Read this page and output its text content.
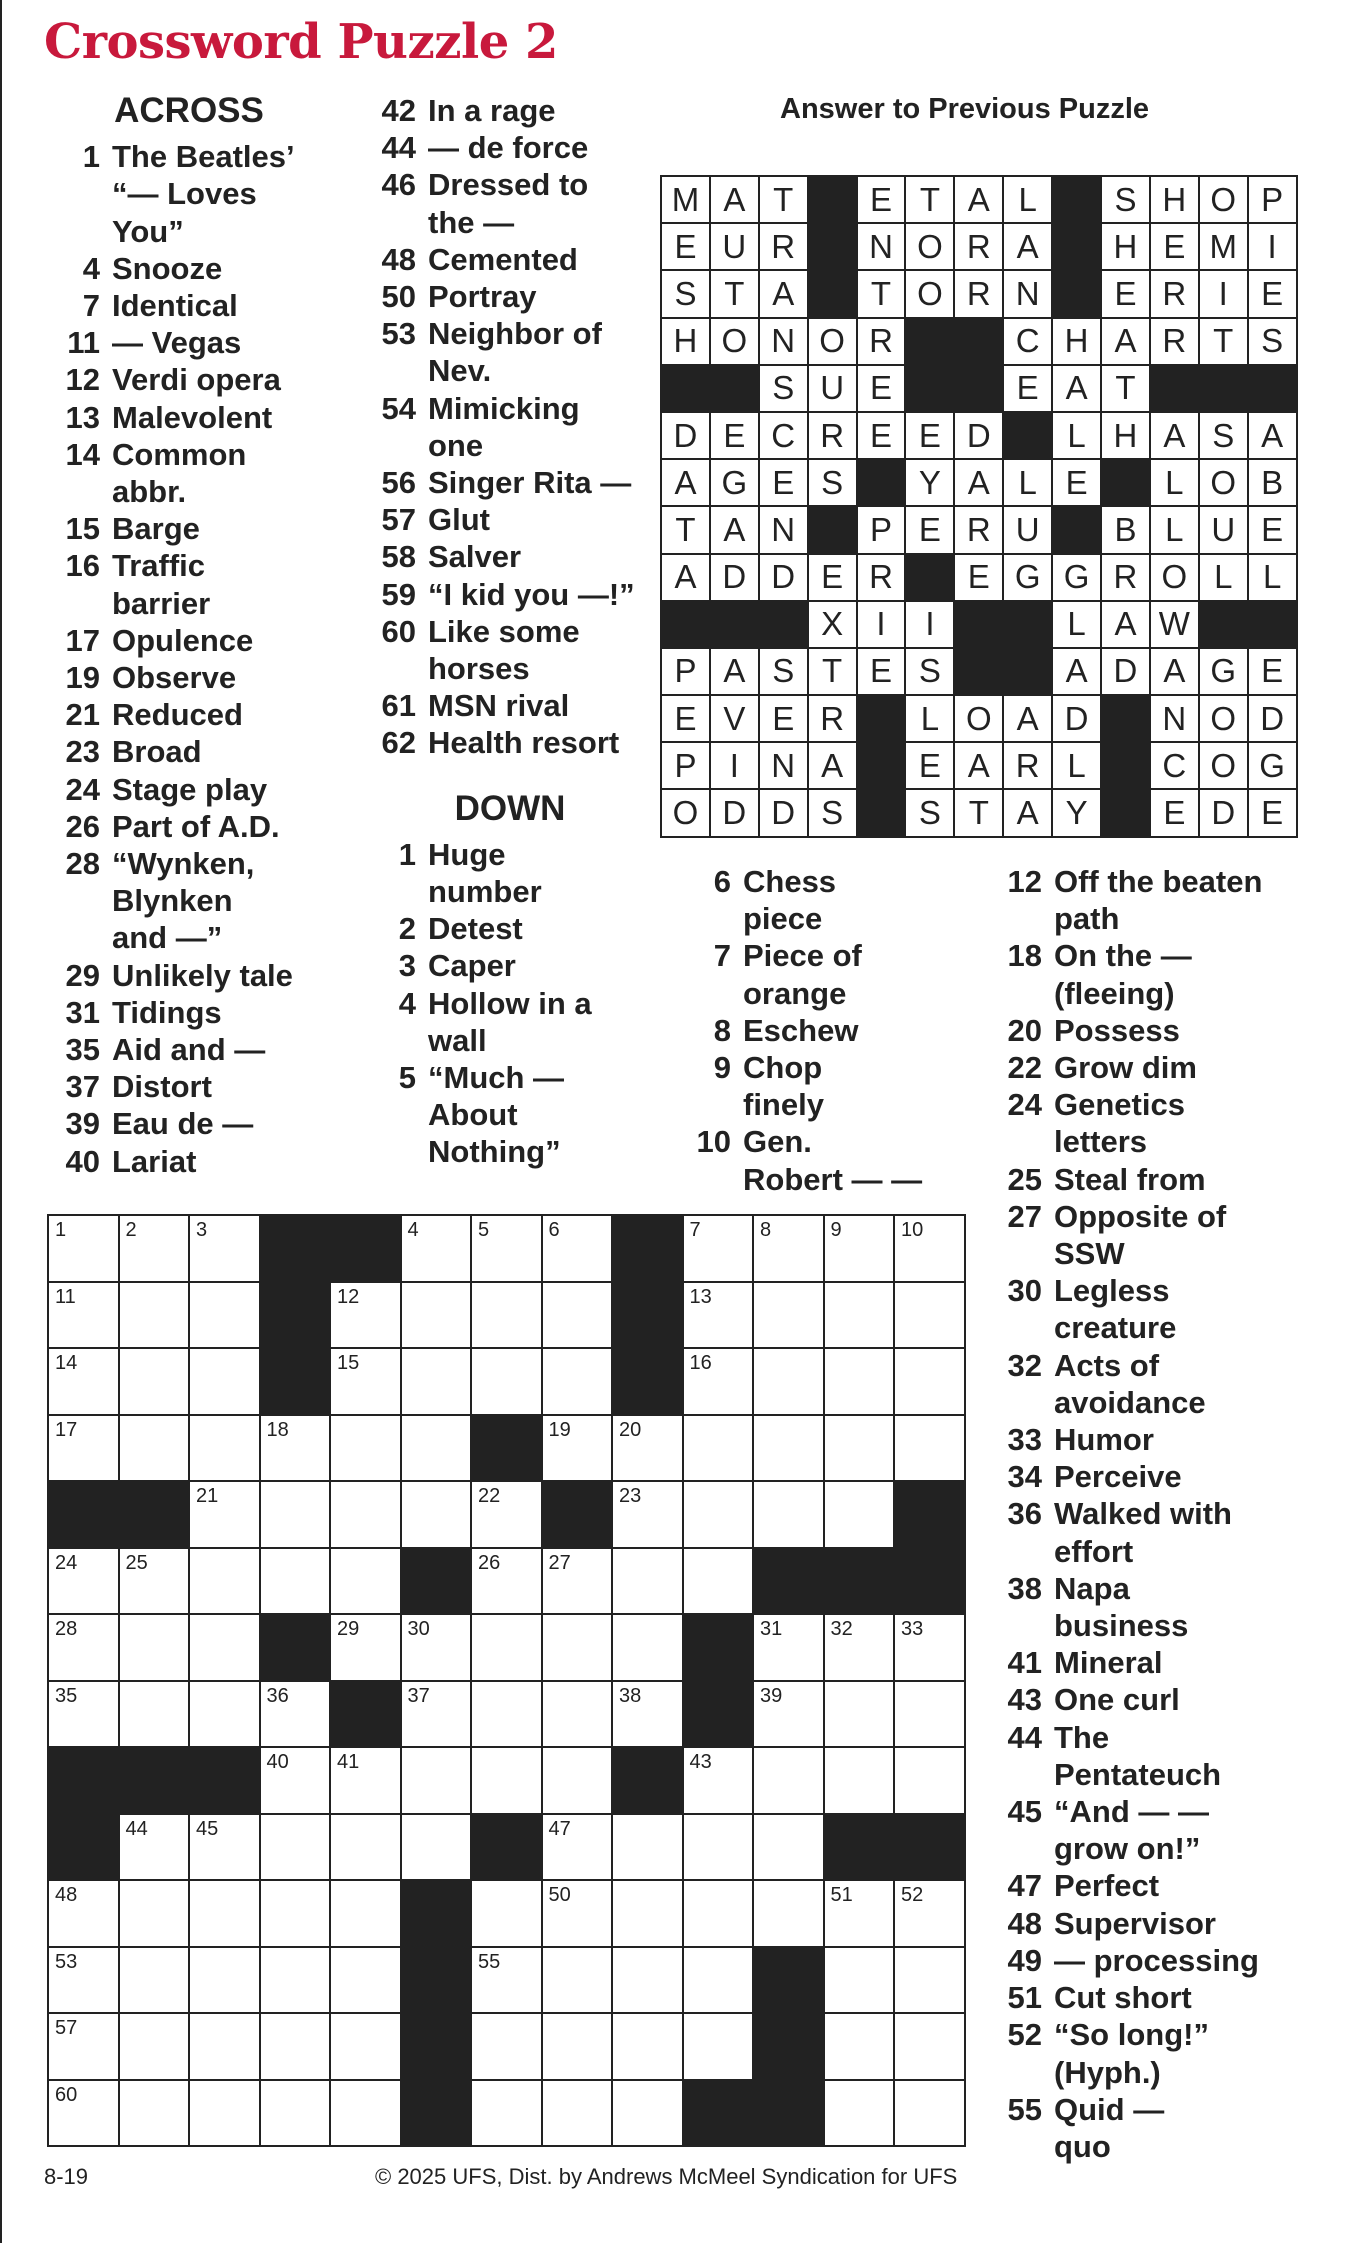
Crossword Puzzle 2
ACROSS
1 The Beatles’
“— Loves
You”
4 Snooze
7 Identical
11 — Vegas
12 Verdi opera
13 Malevolent
14 Common
abbr.
15 Barge
16 Traffic
barrier
17 Opulence
19 Observe
21 Reduced
23 Broad
24 Stage play
26 Part of A.D.
28 “Wynken,
Blynken
and —”
29 Unlikely tale
31 Tidings
35 Aid and —
37 Distort
39 Eau de —
40 Lariat
42 In a rage
44 — de force
46 Dressed to
the —
48 Cemented
50 Portray
53 Neighbor of
Nev.
54 Mimicking
one
56 Singer Rita —
57 Glut
58 Salver
59 “I kid you —!”
60 Like some
horses
61 MSN rival
62 Health resort
DOWN
1 Huge
number
2 Detest
3 Caper
4 Hollow in a
wall
5 “Much —
About
Nothing”
Answer to Previous Puzzle
M	A	T		E	T	A	L		S	H	O	P
E	U	R		N	O	R	A		H	E	M	I
S	T	A		T	O	R	N		E	R	I	E
H	O	N	O	R			C	H	A	R	T	S
		S	U	E			E	A	T			
D	E	C	R	E	E	D		L	H	A	S	A
A	G	E	S		Y	A	L	E		L	O	B
T	A	N		P	E	R	U		B	L	U	E
A	D	D	E	R		E	G	G	R	O	L	L
			X	I	I			L	A	W		
P	A	S	T	E	S			A	D	A	G	E
E	V	E	R		L	O	A	D		N	O	D
P	I	N	A		E	A	R	L		C	O	G
O	D	D	S		S	T	A	Y		E	D	E
6 Chess
piece
7 Piece of
orange
8 Eschew
9 Chop
finely
10 Gen.
Robert — —
12 Off the beaten
path
18 On the —
(fleeing)
20 Possess
22 Grow dim
24 Genetics
letters
25 Steal from
27 Opposite of
SSW
30 Legless
creature
32 Acts of
avoidance
33 Humor
34 Perceive
36 Walked with
effort
38 Napa
business
41 Mineral
43 One curl
44 The
Pentateuch
45 “And — —
grow on!”
47 Perfect
48 Supervisor
49 — processing
51 Cut short
52 “So long!”
(Hyph.)
55 Quid —
quo
1	2	3			4	5	6		7	8	9	10

11				12					13			

14				15					16			

17			18				19	20				

		21				22		23				

24	25					26	27					

28				29	30					31	32	33

35			36		37			38		39		

			40	41					43			

	44	45					47					

48							50				51	52

53						55						

57												

60												

8-19	© 2025 UFS, Dist. by Andrews McMeel Syndication for UFS
